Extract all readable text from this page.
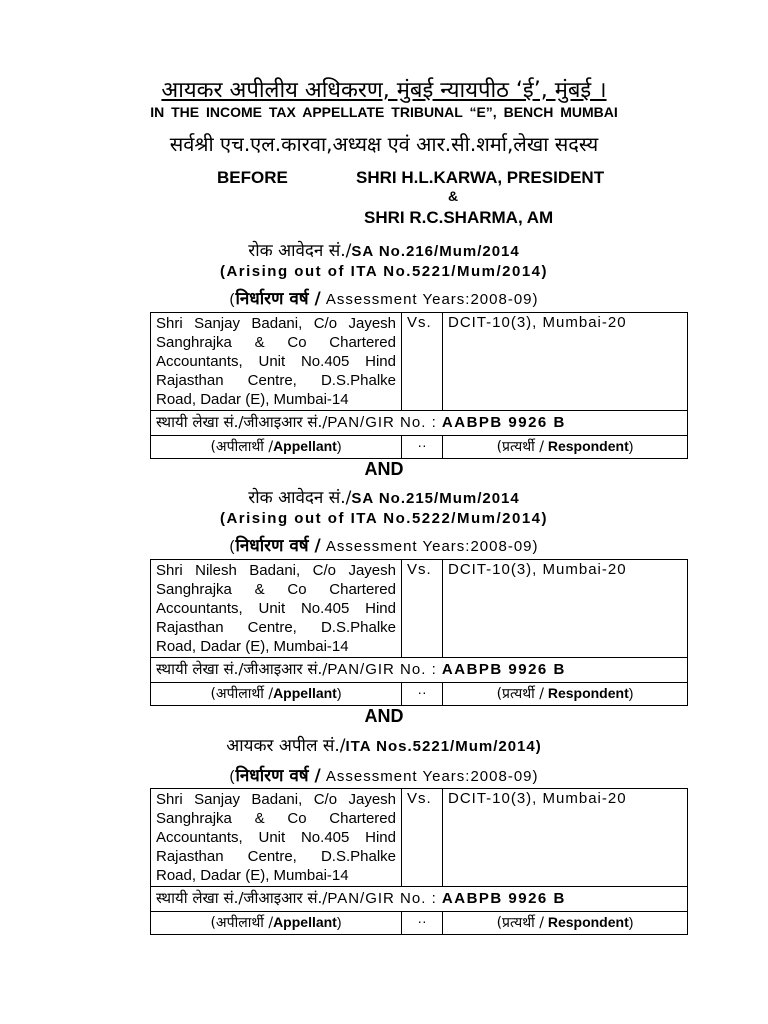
आयकर अपीलीय अधिकरण, मुंबई न्यायपीठ ‘ई’, मुंबई ।
IN THE INCOME TAX APPELLATE TRIBUNAL “E”, BENCH MUMBAI
सर्वश्री एच.एल.कारवा,अध्यक्ष एवं आर.सी.शर्मा,लेखा सदस्य
BEFORE	SHRI H.L.KARWA, PRESIDENT
&
SHRI R.C.SHARMA, AM
रोक आवेदन सं./SA No.216/Mum/2014
(Arising out of ITA No.5221/Mum/2014)
(निर्धारण वर्ष / Assessment Years:2008-09)
Shri Sanjay Badani, C/o Jayesh Sanghrajka & Co Chartered Accountants, Unit No.405 Hind Rajasthan Centre, D.S.Phalke Road, Dadar (E), Mumbai-14	Vs.	DCIT-10(3), Mumbai-20
स्थायी लेखा सं./जीआइआर सं./PAN/GIR No. : AABPB 9926 B		
(अपीलार्थी /Appellant)	··	(प्रत्यर्थी / Respondent)
AND
रोक आवेदन सं./SA No.215/Mum/2014
(Arising out of ITA No.5222/Mum/2014)
(निर्धारण वर्ष / Assessment Years:2008-09)
Shri Nilesh Badani, C/o Jayesh Sanghrajka & Co Chartered Accountants, Unit No.405 Hind Rajasthan Centre, D.S.Phalke Road, Dadar (E), Mumbai-14	Vs.	DCIT-10(3), Mumbai-20
स्थायी लेखा सं./जीआइआर सं./PAN/GIR No. : AABPB 9926 B		
(अपीलार्थी /Appellant)	··	(प्रत्यर्थी / Respondent)
AND
आयकर अपील सं./ITA Nos.5221/Mum/2014)
(निर्धारण वर्ष / Assessment Years:2008-09)
Shri Sanjay Badani, C/o Jayesh Sanghrajka & Co Chartered Accountants, Unit No.405 Hind Rajasthan Centre, D.S.Phalke Road, Dadar (E), Mumbai-14	Vs.	DCIT-10(3), Mumbai-20
स्थायी लेखा सं./जीआइआर सं./PAN/GIR No. : AABPB 9926 B		
(अपीलार्थी /Appellant)	··	(प्रत्यर्थी / Respondent)
